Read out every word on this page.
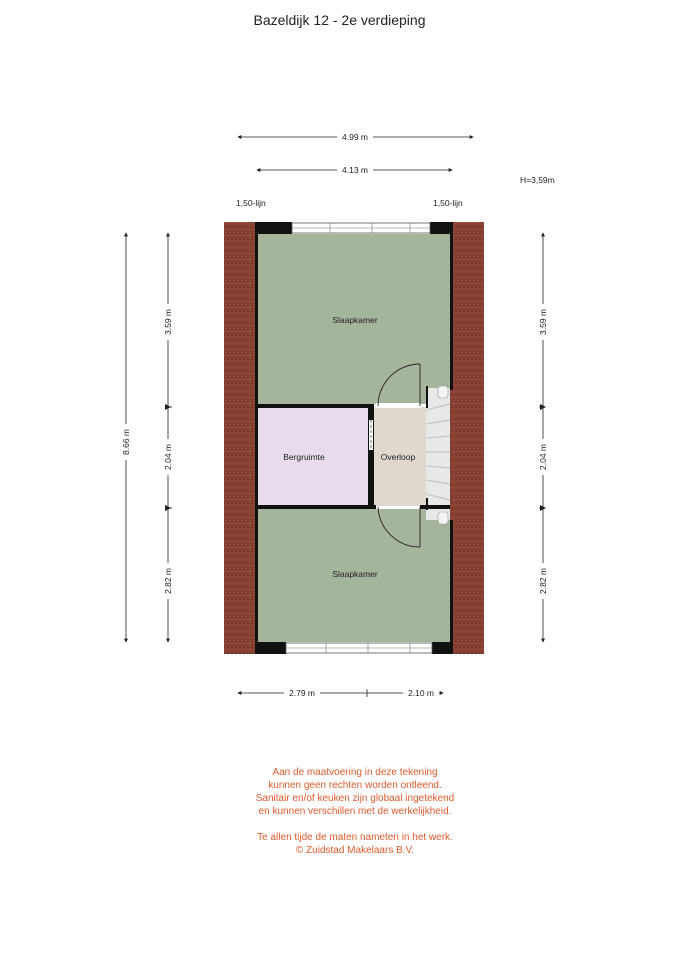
Bazeldijk 12 - 2e verdieping
4.99 m
4.13 m
H=3,59m
1,50-lijn	1,50-lijn
8.66 m
3.59 m
2.04 m
2.82 m
3.59 m
2.04 m
2.82 m
2.79 m	2.10 m
Slaapkamer
Bergruimte	Overloop
Slaapkamer
Aan de maatvoering in deze tekening
kunnen geen rechten worden ontleend.
Sanitair en/of keuken zijn globaal ingetekend
en kunnen verschillen met de werkelijkheid.
Te allen tijde de maten nameten in het werk.
© Zuidstad Makelaars B.V.
